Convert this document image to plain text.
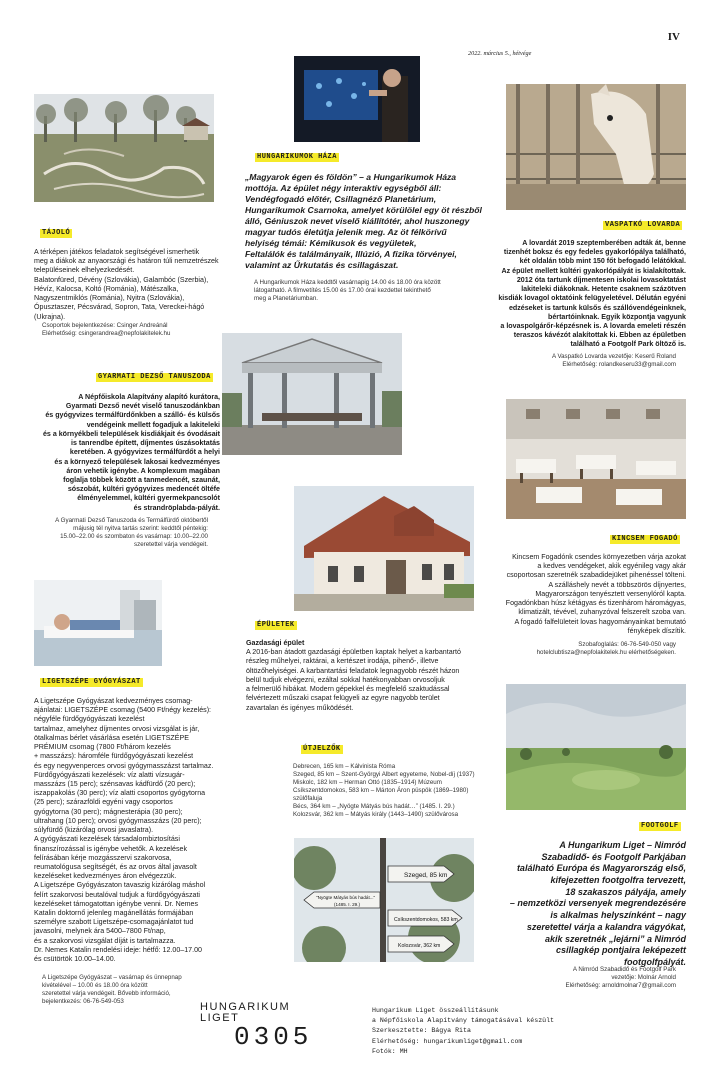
IV
2022. március 5., hétvége
TÁJOLÓ

A térképen játékos feladatok segítségével ismerhetik

meg a diákok az anyaországi és határon túli nemzetrészek

településeinek elhelyezkedését.

Balatonfüred, Dévény (Szlovákia), Galambóc (Szerbia),

Hévíz, Kalocsa, Koltó (Románia), Mátészalka,

Nagyszentmiklós (Románia), Nyitra (Szlovákia),

Ópusztaszer, Pécsvárad, Sopron, Tata, Vereckei-hágó

(Ukrajna).

Csoportok bejelentkezése: Csinger Andreánál

Elérhetőség: csingerandrea@nepfolakitelek.hu

HUNGARIKUMOK HÁZA

„Magyarok égen és földön” – a Hungarikumok Háza

mottója. Az épület négy interaktív egységből áll:

Vendégfogadó előtér, Csillagnéző Planetárium,

Hungarikumok Csarnoka, amelyet körülölel egy öt részből

álló, Géniuszok nevet viselő kiállítótér, ahol huszonegy

magyar tudós életútja jelenik meg. Az öt félkörívű

helyiség témái: Kémikusok és vegyületek,

Feltalálók és találmányaik, Illúzió, A fizika törvényei,

valamint az Űrkutatás és csillagászat.

A Hungarikumok Háza keddtől vasárnapig 14.00 és 18.00 óra között

látogatható. A filmvetítés 15.00 és 17.00 órai kezdettel tekinthető

meg a Planetáriumban.

VASPATKÓ LOVARDA

A lovardát 2019 szeptemberében adták át, benne

tizenhét boksz és egy fedeles gyakorlópálya található,

két oldalán több mint 150 főt befogadó lelátókkal.

Az épület mellett kültéri gyakorlópályát is kialakítottak.

2012 óta tartunk díjmentesen iskolai lovasoktatást

lakiteleki diákoknak. Hetente csaknem százötven

kisdiák lovagol oktatóink felügyeletével. Délután egyéni

edzéseket is tartunk külsős és szállóvendégeinknek,

bértartóinknak. Egyik központja vagyunk

a lovaspolgárőr-képzésnek is. A lovarda emeleti részén

teraszos kávézót alakítottak ki. Ebben az épületben

található a Footgolf Park öltöző is.

A Vaspatkó Lovarda vezetője: Keserű Roland

Elérhetőség: rolandkeseru33@gmail.com

GYARMATI DEZSŐ TANUSZODA

A Népfőiskola Alapítvány alapító kurátora,

Gyarmati Dezső nevét viselő tanuszodánkban

és gyógyvizes termálfürdőnkben a szálló- és külsős

vendégeink mellett fogadjuk a lakiteleki

és a környékbeli települések kisdiákjait és óvodásait

is tanrendbe épített, díjmentes úszásoktatás

keretében. A gyógyvizes termálfürdőt a helyi

és a környező települések lakosai kedvezményes

áron vehetik igénybe. A komplexum magában

foglalja többek között a tanmedencét, szaunát,

sószobát, kültéri gyógyvizes medencét öltéfe

élményelemmel, kültéri gyermekpancsolót

és strandröplabda-pályát.

A Gyarmati Dezső Tanuszoda és Termálfürdő októbertől

májusig tél nyitva tartás szerint: keddtől péntekig:

15.00–22.00 és szombaton és vasárnap: 10.00–22.00

szeretettel várja vendégeit.

KINCSEM FOGADÓ

Kincsem Fogadónk csendes környezetben várja azokat

a kedves vendégeket, akik egyénileg vagy akár

csoportosan szeretnék szabadidejüket pihenéssel tölteni.

A szálláshely nevét a többszörös díjnyertes,

Magyarországon tenyésztett versenylóról kapta.

Fogadónkban húsz kétágyas és tizenhárom háromágyas,

klimatizált, tévével, zuhanyzóval felszerelt szoba van.

A fogadó falfelületeit lovas hagyományainkat bemutató

fényképek díszítik.

Szobafoglalás: 06-76-549-050 vagy

hotelclubtisza@nepfolakitelek.hu elérhetőségeken.

ÉPÜLETEK

Gazdasági épület

A 2016-ban átadott gazdasági épületben kaptak helyet a karbantartó

részleg műhelyei, raktárai, a kertészet irodája, pihenő-, illetve

öltözőhelyiségei. A karbantartási feladatok legnagyobb részét házon

belül tudjuk elvégezni, ezáltal sokkal hatékonyabban orvosoljuk

a felmerülő hibákat. Modern gépekkel és megfelelő szaktudással

felvértezett műszaki csapat felügyeli az egyre nagyobb terület

zavartalan és igényes működését.

LIGETSZÉPE GYÓGYÁSZAT

A Ligetszépe Gyógyászat kedvezményes csomag-

ajánlatai: LIGETSZÉPE csomag (5400 Ft/négy kezelés):

négyféle fürdőgyógyászati kezelést

tartalmaz, amelyhez díjmentes orvosi vizsgálat is jár,

ötalkalmas bérlet vásárlása esetén LIGETSZÉPE

PRÉMIUM csomag (7800 Ft/három kezelés

+ masszázs): háromféle fürdőgyógyászati kezelést

és egy negyvenperces orvosi gyógymasszázst tartalmaz.

Fürdőgyógyászati kezelések: víz alatti vízsugár-

masszázs (15 perc); szénsavas kádfürdő (20 perc);

iszappakolás (30 perc); víz alatti csoportos gyógytorna

(25 perc); szárazföldi egyéni vagy csoportos

gyógytorna (30 perc); mágnesterápia (30 perc);

ultrahang (10 perc); orvosi gyógymasszázs (20 perc);

súlyfürdő (kizárólag orvosi javaslatra).

A gyógyászati kezelések társadalombiztosítási

finanszírozással is igénybe vehetők. A kezelések

felírásában kérje mozgásszervi szakorvosa,

reumatológusa segítségét, és az orvos által javasolt

kezeléseket kedvezményes áron elvégezzük.

A Ligetszépe Gyógyászaton tavaszig kizárólag máshol

felírt szakorvosi beutalóval tudjuk a fürdőgyógyászati

kezeléseket támogatottan igénybe venni. Dr. Nemes

Katalin doktornő jelenleg magánellátás formájában

személyre szabott Ligetszépe-csomagajánlatot tud

javasolni, melynek ára 5400–7800 Ft/nap,

és a szakorvosi vizsgálat díját is tartalmazza.

Dr. Nemes Katalin rendelési ideje: hétfő: 12.00–17.00

és csütörtök 10.00–14.00.

A Ligetszépe Gyógyászat – vasárnap és ünnepnap

kivételével – 10.00 és 18.00 óra között

szeretettel várja vendégeit. Bővebb információ,

bejelentkezés: 06-76-549-053

ÚTJELZŐK

Debrecen, 165 km – Kálvinista Róma

Szeged, 85 km – Szent-Györgyi Albert egyeteme, Nobel-díj (1937)

Miskolc, 182 km – Herman Ottó (1835–1914) Múzeum

Csíkszentdomokos, 583 km – Márton Áron püspök (1869–1980)

szülőfaluja

Bécs, 364 km – „Nyögte Mátyás bús hadát…” (1485. I. 29.)

Kolozsvár, 362 km – Mátyás király (1443–1490) szülővárosa

Szeged, 85 km
"Nyögte Mátyás bús hadát..."
(1485. I. 29.)
Csíkszentdomokos, 583 km
Kolozsvár, 362 km
FOOTGOLF

A Hungarikum Liget – Nimród

Szabadidő- és Footgolf Parkjában

található Európa és Magyarország első,

kifejezetten footgolfra tervezett,

18 szakaszos pályája, amely

– nemzetközi versenyek megrendezésére

is alkalmas helyszínként – nagy

szeretettel várja a kalandra vágyókat,

akik szeretnék „lejárni” a Nimród

csillagkép pontjaira leképezett

footgolfpályát.

A Nimród Szabadidő és Footgolf Park

vezetője: Molnár Arnold

Elérhetőség: arnoldmolnar7@gmail.com

HUNGARIKUM
LIGET
0305
Hungarikum Liget összeállítás​unk
a Népfőiskola Alapítvány támogatásával készült
Szerkesztette: Bágya Rita
Elérhetőség: hungarikumliget@gmail.com
Fotók: MH
